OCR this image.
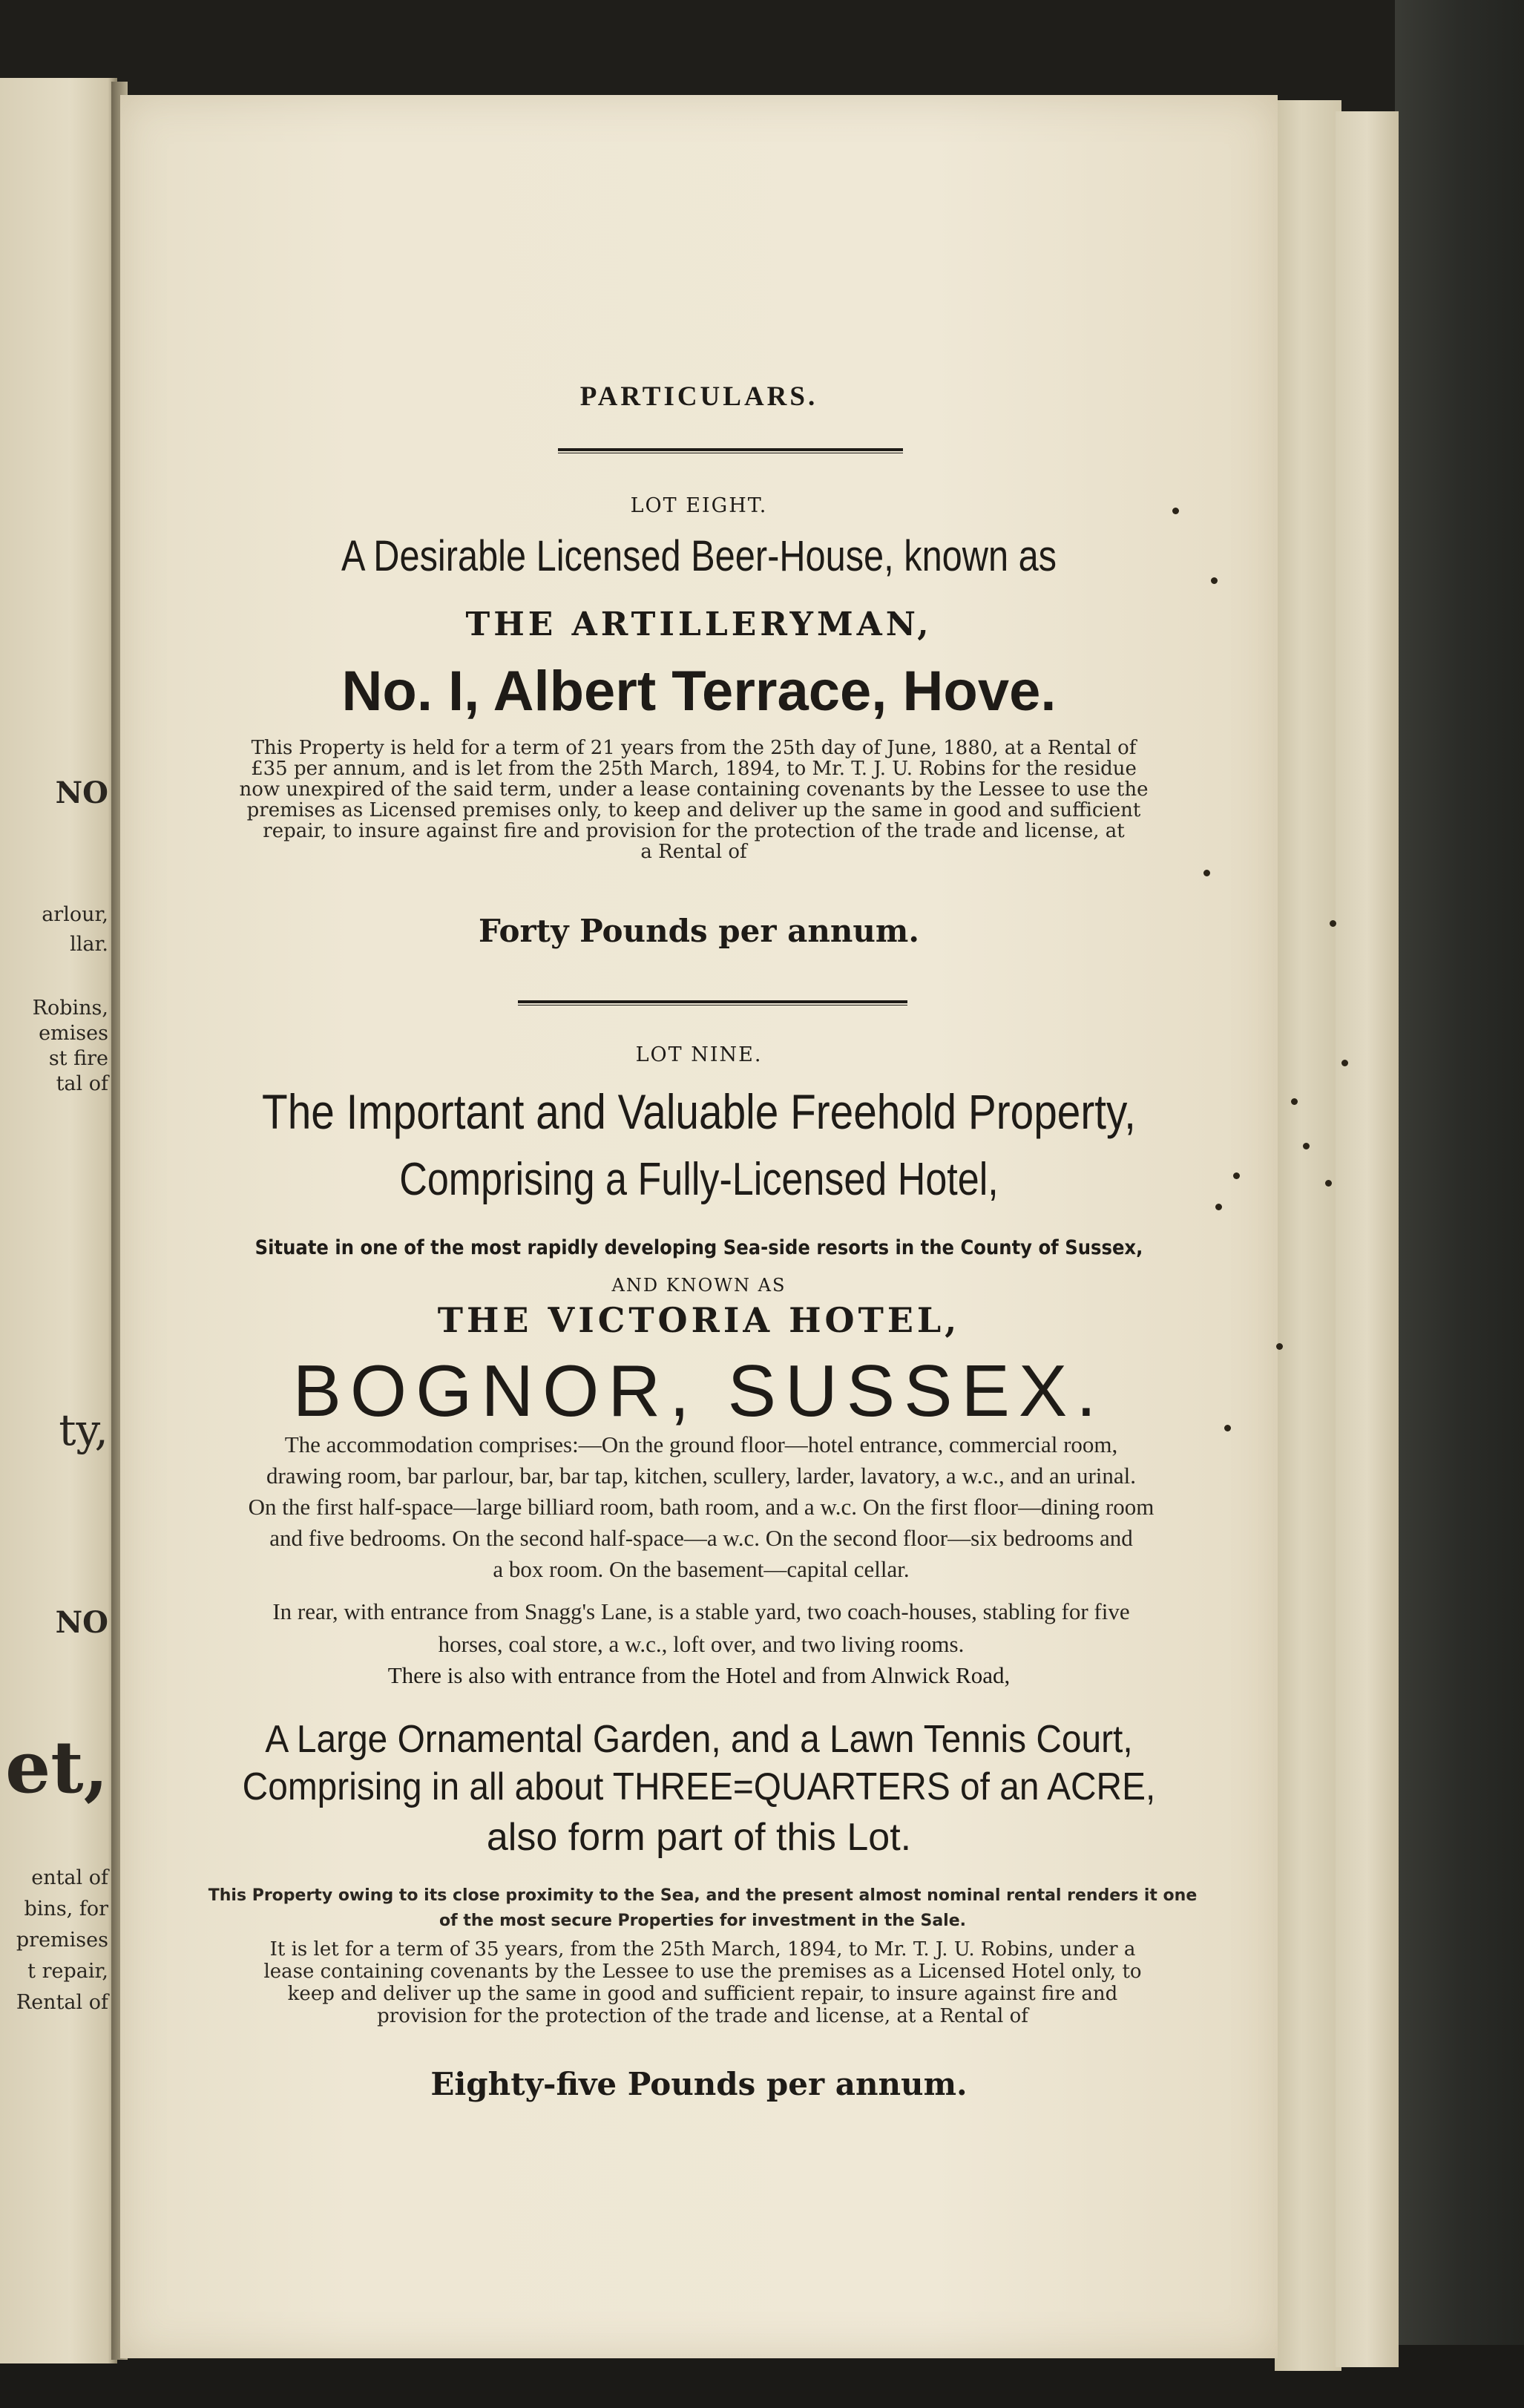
NO
arlour,
llar.
Robins,
emises
st fire
tal of
ty,
NO
et,
ental of
bins, for
premises
t repair,
Rental of
PARTICULARS.
LOT EIGHT.
A Desirable Licensed Beer-House, known as
THE ARTILLERYMAN,
No. I, Albert Terrace, Hove.
This Property is held for a term of 21 years from the 25th day of June, 1880, at a Rental of
£35 per annum, and is let from the 25th March, 1894, to Mr. T. J. U. Robins for the residue
now unexpired of the said term, under a lease containing covenants by the Lessee to use the
premises as Licensed premises only, to keep and deliver up the same in good and sufficient
repair, to insure against fire and provision for the protection of the trade and license, at
a Rental of
Forty Pounds per annum.
LOT NINE.
The Important and Valuable Freehold Property,
Comprising a Fully-Licensed Hotel,
Situate in one of the most rapidly developing Sea-side resorts in the County of Sussex,
AND KNOWN AS
THE VICTORIA HOTEL,
BOGNOR, SUSSEX.
The accommodation comprises:—On the ground floor—hotel entrance, commercial room,
drawing room, bar parlour, bar, bar tap, kitchen, scullery, larder, lavatory, a w.c., and an urinal.
On the first half-space—large billiard room, bath room, and a w.c. On the first floor—dining room
and five bedrooms. On the second half-space—a w.c. On the second floor—six bedrooms and
a box room. On the basement—capital cellar.
In rear, with entrance from Snagg's Lane, is a stable yard, two coach-houses, stabling for five
horses, coal store, a w.c., loft over, and two living rooms.
There is also with entrance from the Hotel and from Alnwick Road,
A Large Ornamental Garden, and a Lawn Tennis Court,
Comprising in all about THREE=QUARTERS of an ACRE,
also form part of this Lot.
This Property owing to its close proximity to the Sea, and the present almost nominal rental renders it one
of the most secure Properties for investment in the Sale.
It is let for a term of 35 years, from the 25th March, 1894, to Mr. T. J. U. Robins, under a
lease containing covenants by the Lessee to use the premises as a Licensed Hotel only, to
keep and deliver up the same in good and sufficient repair, to insure against fire and
provision for the protection of the trade and license, at a Rental of
Eighty-five Pounds per annum.
